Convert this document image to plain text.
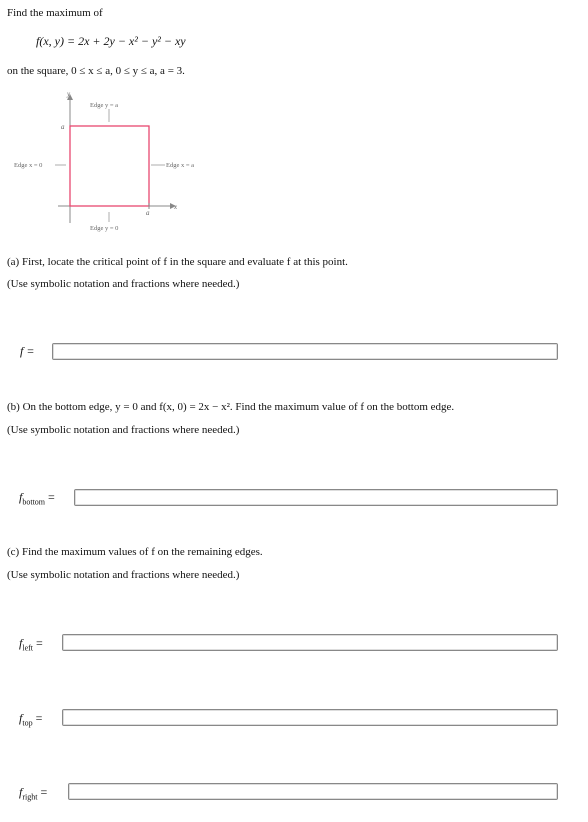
Find the maximum of
f(x, y) = 2x + 2y − x² − y² − xy
on the square, 0 ≤ x ≤ a, 0 ≤ y ≤ a, a = 3.
y
x
a
a
Edge y = a
Edge y = 0
Edge x = 0	Edge x = a
(a) First, locate the critical point of f in the square and evaluate f at this point.
(Use symbolic notation and fractions where needed.)
f =
(b) On the bottom edge, y = 0 and f(x, 0) = 2x − x². Find the maximum value of f on the bottom edge.
(Use symbolic notation and fractions where needed.)
$f_{bottom}$ =
(c) Find the maximum values of f on the remaining edges.
(Use symbolic notation and fractions where needed.)
$f_{left}$ =
$f_{top}$ =
$f_{right}$ =
